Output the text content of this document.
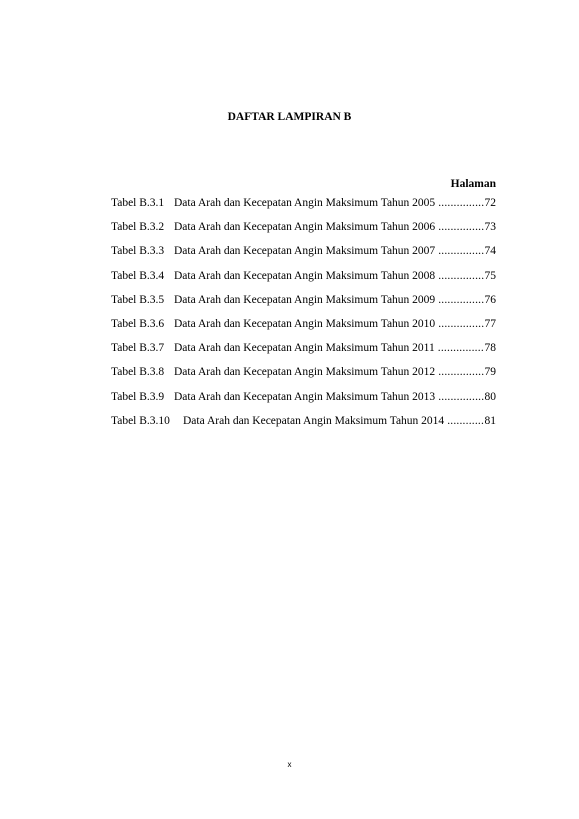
DAFTAR LAMPIRAN B
Halaman
Tabel B.3.1 Data Arah dan Kecepatan Angin Maksimum Tahun 2005 .....	72
Tabel B.3.2 Data Arah dan Kecepatan Angin Maksimum Tahun 2006 .....	73
Tabel B.3.3 Data Arah dan Kecepatan Angin Maksimum Tahun 2007 .....	74
Tabel B.3.4 Data Arah dan Kecepatan Angin Maksimum Tahun 2008 .....	75
Tabel B.3.5 Data Arah dan Kecepatan Angin Maksimum Tahun 2009 .....	76
Tabel B.3.6 Data Arah dan Kecepatan Angin Maksimum Tahun 2010 .....	77
Tabel B.3.7 Data Arah dan Kecepatan Angin Maksimum Tahun 2011 .....	78
Tabel B.3.8 Data Arah dan Kecepatan Angin Maksimum Tahun 2012 .....	79
Tabel B.3.9 Data Arah dan Kecepatan Angin Maksimum Tahun 2013 .....	80
Tabel B.3.10	Data Arah dan Kecepatan Angin Maksimum Tahun 2014 .....	81
x
